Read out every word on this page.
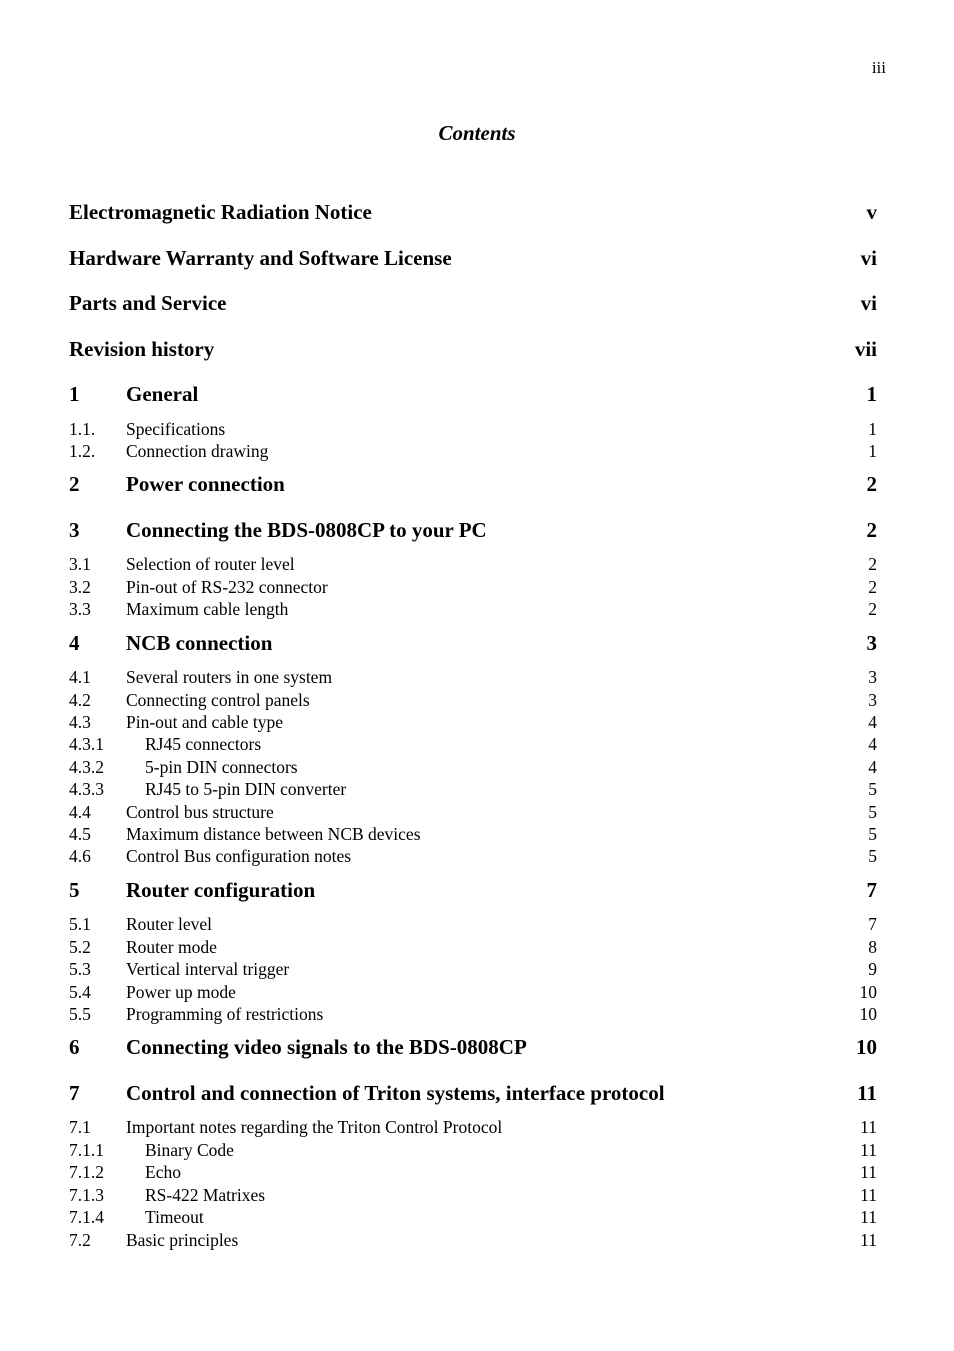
iii
Contents
Electromagnetic Radiation Notice	v
Hardware Warranty and Software License	vi
Parts and Service	vi
Revision history	vii
1	General	1
1.1.	Specifications	1
1.2.	Connection drawing	1
2	Power connection	2
3	Connecting the BDS-0808CP to your PC	2
3.1	Selection of router level	2
3.2	Pin-out of RS-232 connector	2
3.3	Maximum cable length	2
4	NCB connection	3
4.1	Several routers in one system	3
4.2	Connecting control panels	3
4.3	Pin-out and cable type	4
4.3.1	RJ45 connectors	4
4.3.2	5-pin DIN connectors	4
4.3.3	RJ45 to 5-pin DIN converter	5
4.4	Control bus structure	5
4.5	Maximum distance between NCB devices	5
4.6	Control Bus configuration notes	5
5	Router configuration	7
5.1	Router level	7
5.2	Router mode	8
5.3	Vertical interval trigger	9
5.4	Power up mode	10
5.5	Programming of restrictions	10
6	Connecting video signals to the BDS-0808CP	10
7	Control and connection of Triton systems, interface protocol	11
7.1	Important notes regarding the Triton Control Protocol	11
7.1.1	Binary Code	11
7.1.2	Echo	11
7.1.3	RS-422 Matrixes	11
7.1.4	Timeout	11
7.2	Basic principles	11
